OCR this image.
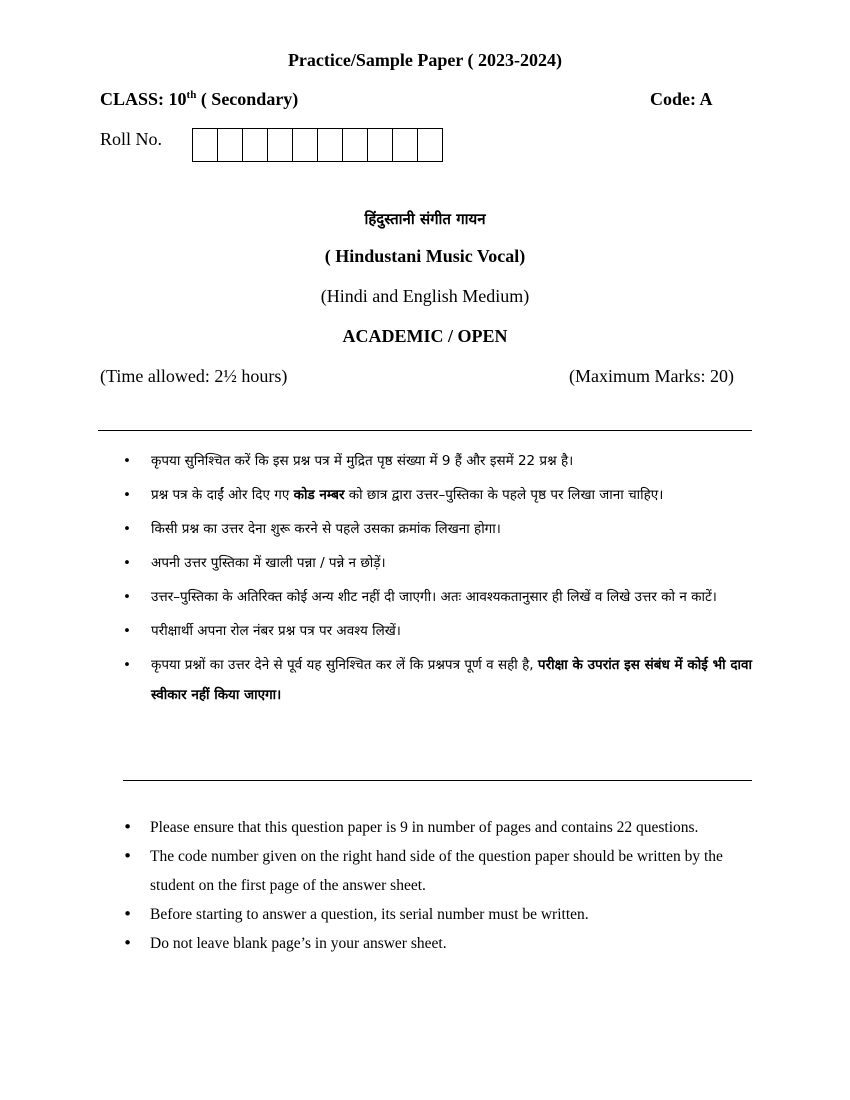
Practice/Sample Paper ( 2023-2024)
CLASS: 10th ( Secondary)	Code: A
Roll No.
हिंदुस्तानी संगीत गायन
( Hindustani Music Vocal)
(Hindi and English Medium)
ACADEMIC / OPEN
(Time allowed: 2½ hours)	(Maximum Marks: 20)
• कृपया सुनिश्चित करें कि इस प्रश्न पत्र में मुद्रित पृष्ठ संख्या में 9 हैं और इसमें 22 प्रश्न है।
• प्रश्न पत्र के दाईं ओर दिए गए कोड नम्बर को छात्र द्वारा उत्तर–पुस्तिका के पहले पृष्ठ पर लिखा जाना चाहिए।
• किसी प्रश्न का उत्तर देना शुरू करने से पहले उसका क्रमांक लिखना होगा।
• अपनी उत्तर पुस्तिका में खाली पन्ना / पन्ने न छोड़ें।
• उत्तर–पुस्तिका के अतिरिक्त कोई अन्य शीट नहीं दी जाएगी। अतः आवश्यकतानुसार ही लिखें व लिखे उत्तर को न काटें।
• परीक्षार्थी अपना रोल नंबर प्रश्न पत्र पर अवश्य लिखें।
• कृपया प्रश्नों का उत्तर देने से पूर्व यह सुनिश्चित कर लें कि प्रश्नपत्र पूर्ण व सही है, परीक्षा के उपरांत इस संबंध में कोई भी दावा स्वीकार नहीं किया जाएगा।
• Please ensure that this question paper is 9 in number of pages and contains 22 questions.
• The code number given on the right hand side of the question paper should be written by the student on the first page of the answer sheet.
• Before starting to answer a question, its serial number must be written.
• Do not leave blank page’s in your answer sheet.
